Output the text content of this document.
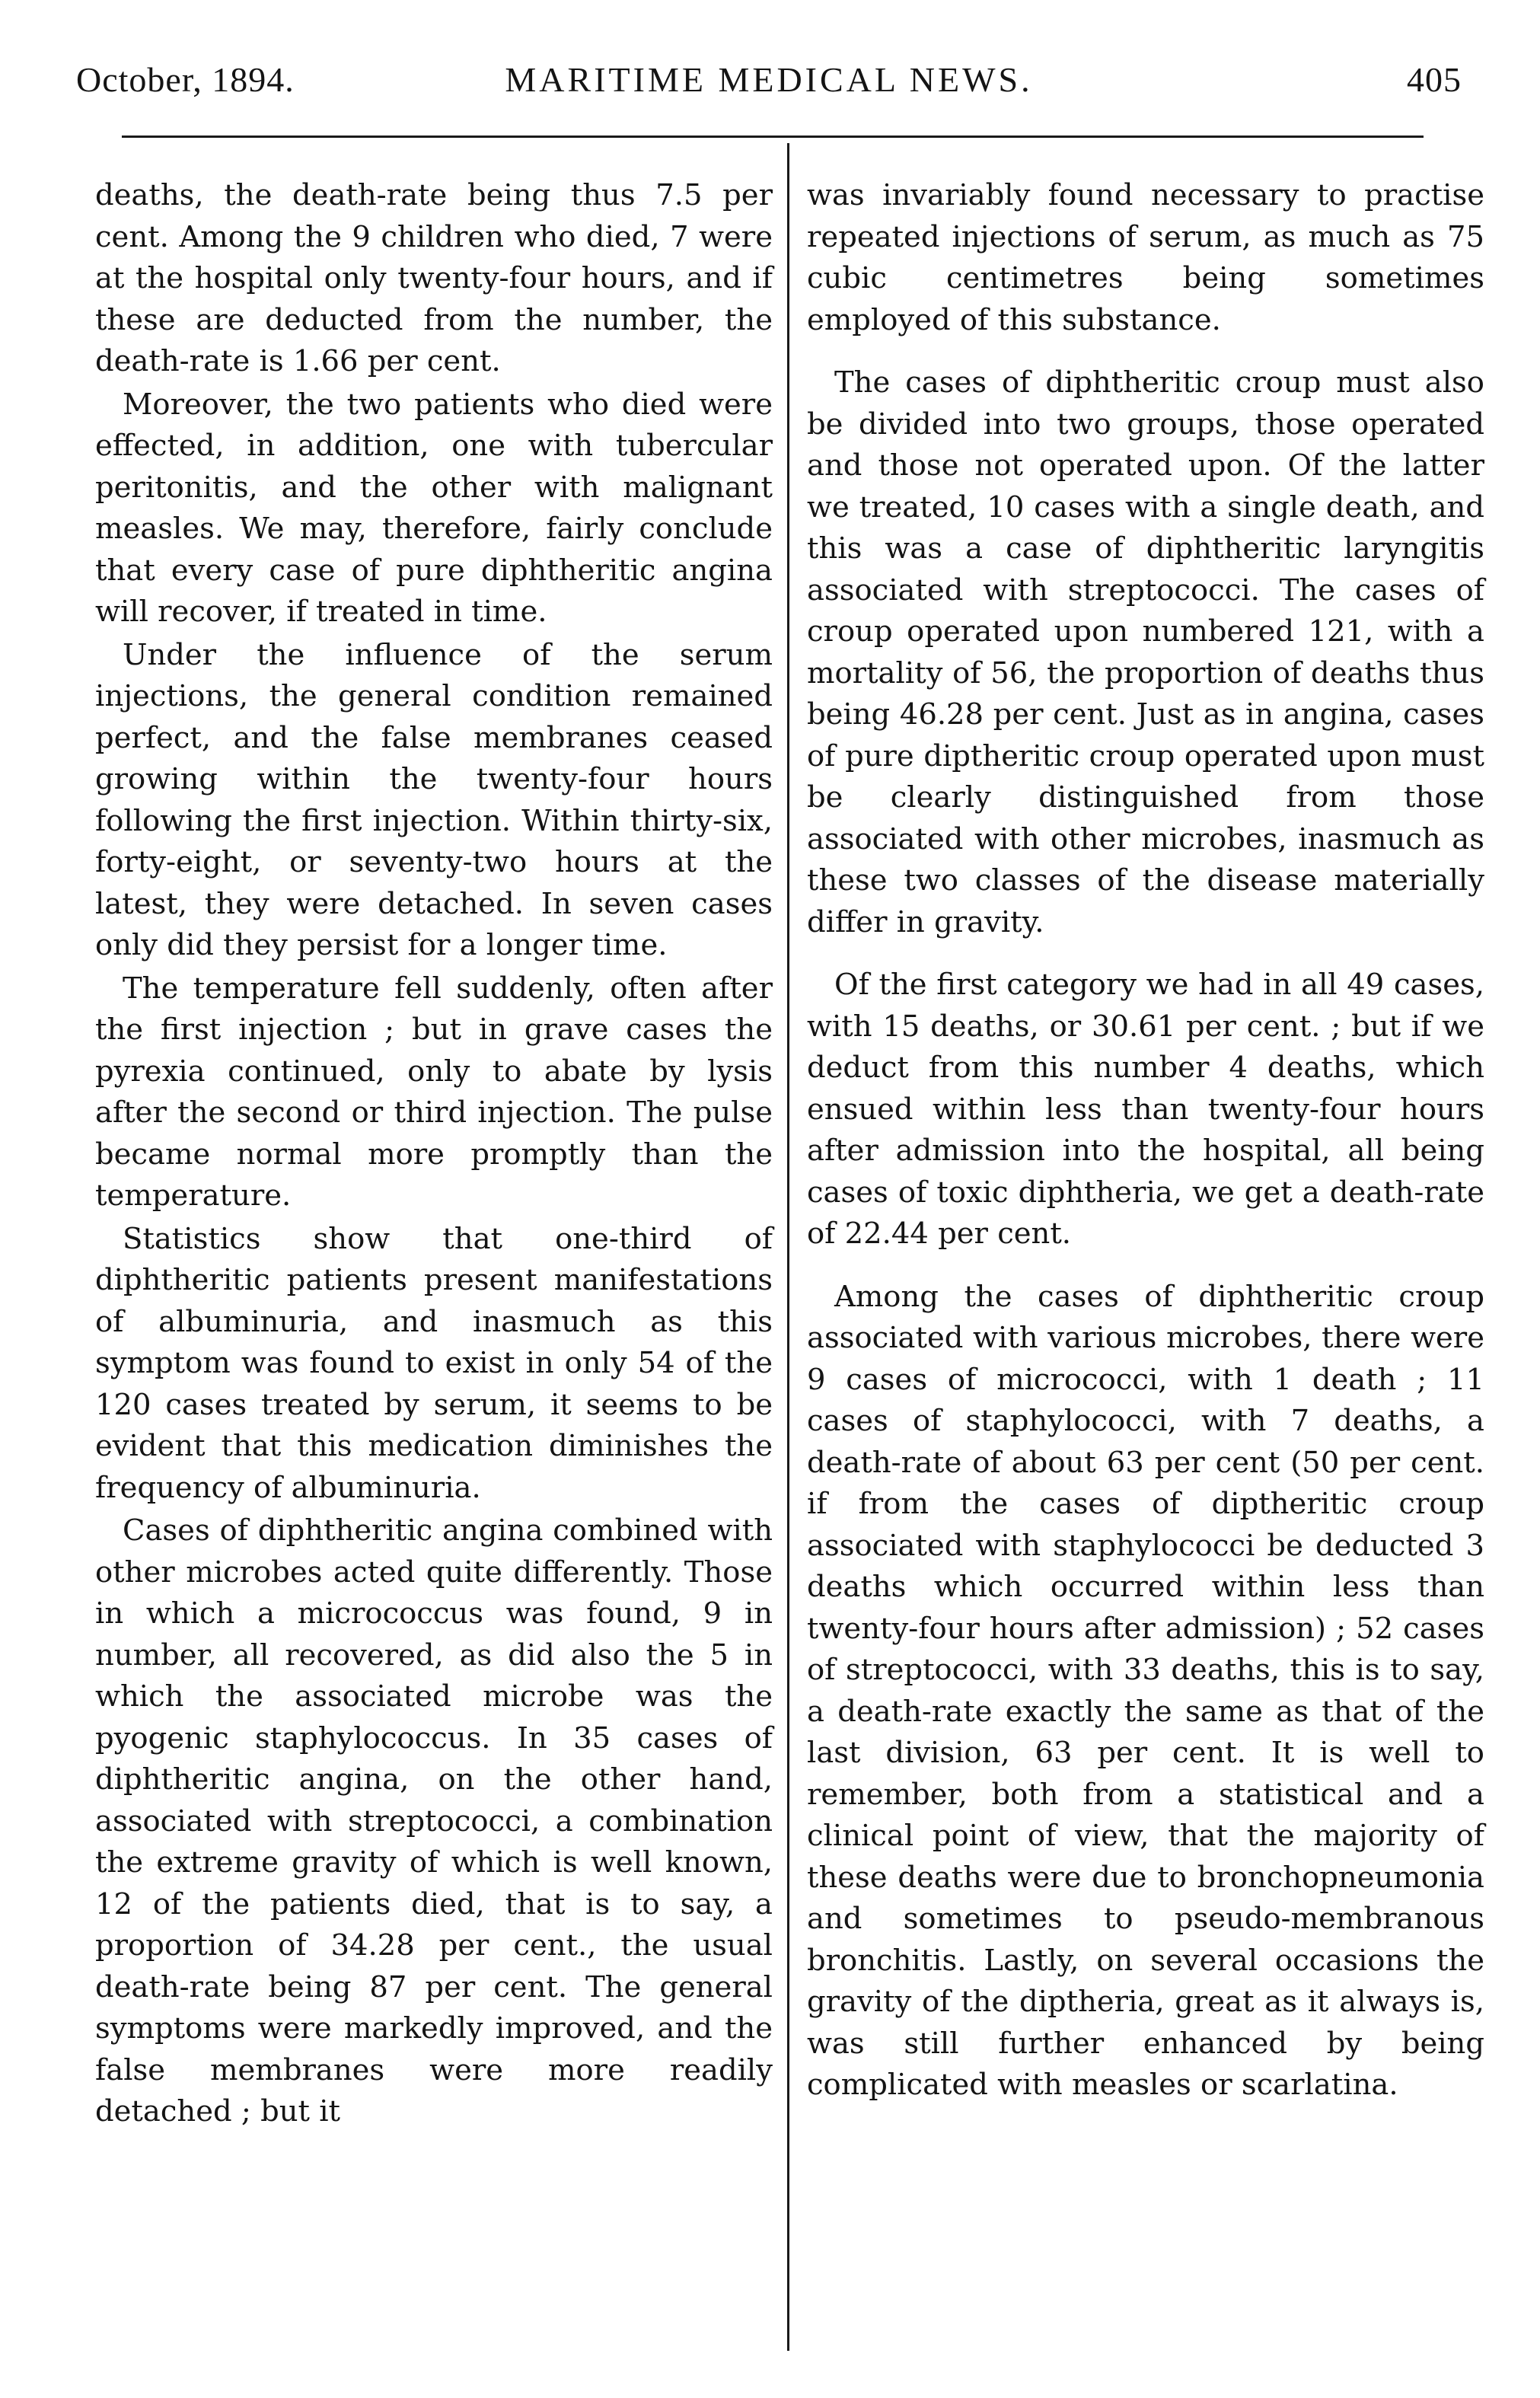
October, 1894.	MARITIME MEDICAL NEWS.	405

deaths, the death-rate being thus 7.5 per cent. Among the 9 children who died, 7 were at the hospital only twenty-four hours, and if these are deducted from the number, the death-rate is 1.66 per cent.

Moreover, the two patients who died were effected, in addition, one with tubercular peritonitis, and the other with malignant measles. We may, therefore, fairly conclude that every case of pure diphtheritic angina will recover, if treated in time.

Under the influence of the serum injections, the general condition remained perfect, and the false membranes ceased growing within the twenty-four hours following the first injection. Within thirty-six, forty-eight, or seventy-two hours at the latest, they were detached. In seven cases only did they persist for a longer time.

The temperature fell suddenly, often after the first injection ; but in grave cases the pyrexia continued, only to abate by lysis after the second or third injection. The pulse became normal more promptly than the temperature.

Statistics show that one-third of diphtheritic patients present manifestations of albuminuria, and inasmuch as this symptom was found to exist in only 54 of the 120 cases treated by serum, it seems to be evident that this medication diminishes the frequency of albuminuria.

Cases of diphtheritic angina combined with other microbes acted quite differently. Those in which a micrococcus was found, 9 in number, all recovered, as did also the 5 in which the associated microbe was the pyogenic staphylococcus. In 35 cases of diphtheritic angina, on the other hand, associated with streptococci, a combination the extreme gravity of which is well known, 12 of the patients died, that is to say, a proportion of 34.28 per cent., the usual death-rate being 87 per cent. The general symptoms were markedly improved, and the false membranes were more readily detached ; but it

was invariably found necessary to practise repeated injections of serum, as much as 75 cubic centimetres being sometimes employed of this substance.

The cases of diphtheritic croup must also be divided into two groups, those operated and those not operated upon. Of the latter we treated, 10 cases with a single death, and this was a case of diphtheritic laryngitis associated with streptococci. The cases of croup operated upon numbered 121, with a mortality of 56, the proportion of deaths thus being 46.28 per cent. Just as in angina, cases of pure diptheritic croup operated upon must be clearly distinguished from those associated with other microbes, inasmuch as these two classes of the disease materially differ in gravity.

Of the first category we had in all 49 cases, with 15 deaths, or 30.61 per cent. ; but if we deduct from this number 4 deaths, which ensued within less than twenty-four hours after admission into the hospital, all being cases of toxic diphtheria, we get a death-rate of 22.44 per cent.

Among the cases of diphtheritic croup associated with various microbes, there were 9 cases of micrococci, with 1 death ; 11 cases of staphylococci, with 7 deaths, a death-rate of about 63 per cent (50 per cent. if from the cases of diptheritic croup associated with staphylococci be deducted 3 deaths which occurred within less than twenty-four hours after admission) ; 52 cases of streptococci, with 33 deaths, this is to say, a death-rate exactly the same as that of the last division, 63 per cent. It is well to remember, both from a statistical and a clinical point of view, that the majority of these deaths were due to bronchopneumonia and sometimes to pseudo-membranous bronchitis. Lastly, on several occasions the gravity of the diptheria, great as it always is, was still further enhanced by being complicated with measles or scarlatina.
